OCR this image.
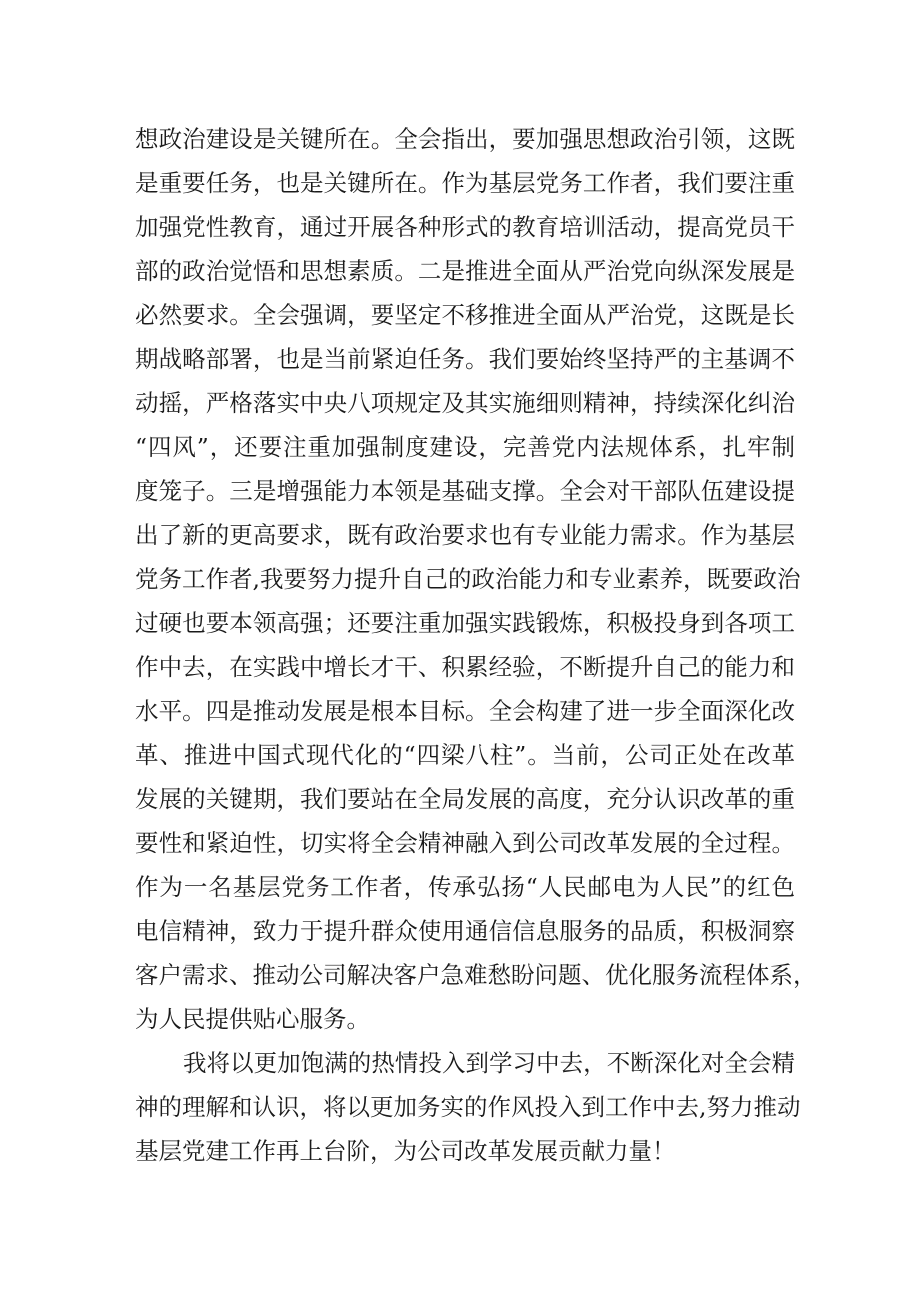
想政治建设是关键所在。全会指出，要加强思想政治引领，这既
是重要任务，也是关键所在。作为基层党务工作者，我们要注重
加强党性教育，通过开展各种形式的教育培训活动，提高党员干
部的政治觉悟和思想素质。二是推进全面从严治党向纵深发展是
必然要求。全会强调，要坚定不移推进全面从严治党，这既是长
期战略部署，也是当前紧迫任务。我们要始终坚持严的主基调不
动摇，严格落实中央八项规定及其实施细则精神，持续深化纠治
“四风”，还要注重加强制度建设，完善党内法规体系，扎牢制
度笼子。三是增强能力本领是基础支撑。全会对干部队伍建设提
出了新的更高要求，既有政治要求也有专业能力需求。作为基层
党务工作者,我要努力提升自己的政治能力和专业素养，既要政治
过硬也要本领高强；还要注重加强实践锻炼，积极投身到各项工
作中去，在实践中增长才干、积累经验，不断提升自己的能力和
水平。四是推动发展是根本目标。全会构建了进一步全面深化改
革、推进中国式现代化的“四梁八柱”。当前，公司正处在改革
发展的关键期，我们要站在全局发展的高度，充分认识改革的重
要性和紧迫性，切实将全会精神融入到公司改革发展的全过程。
作为一名基层党务工作者，传承弘扬“人民邮电为人民”的红色
电信精神，致力于提升群众使用通信信息服务的品质，积极洞察
客户需求、推动公司解决客户急难愁盼问题、优化服务流程体系，
为人民提供贴心服务。
我将以更加饱满的热情投入到学习中去，不断深化对全会精
神的理解和认识，将以更加务实的作风投入到工作中去,努力推动
基层党建工作再上台阶，为公司改革发展贡献力量！
